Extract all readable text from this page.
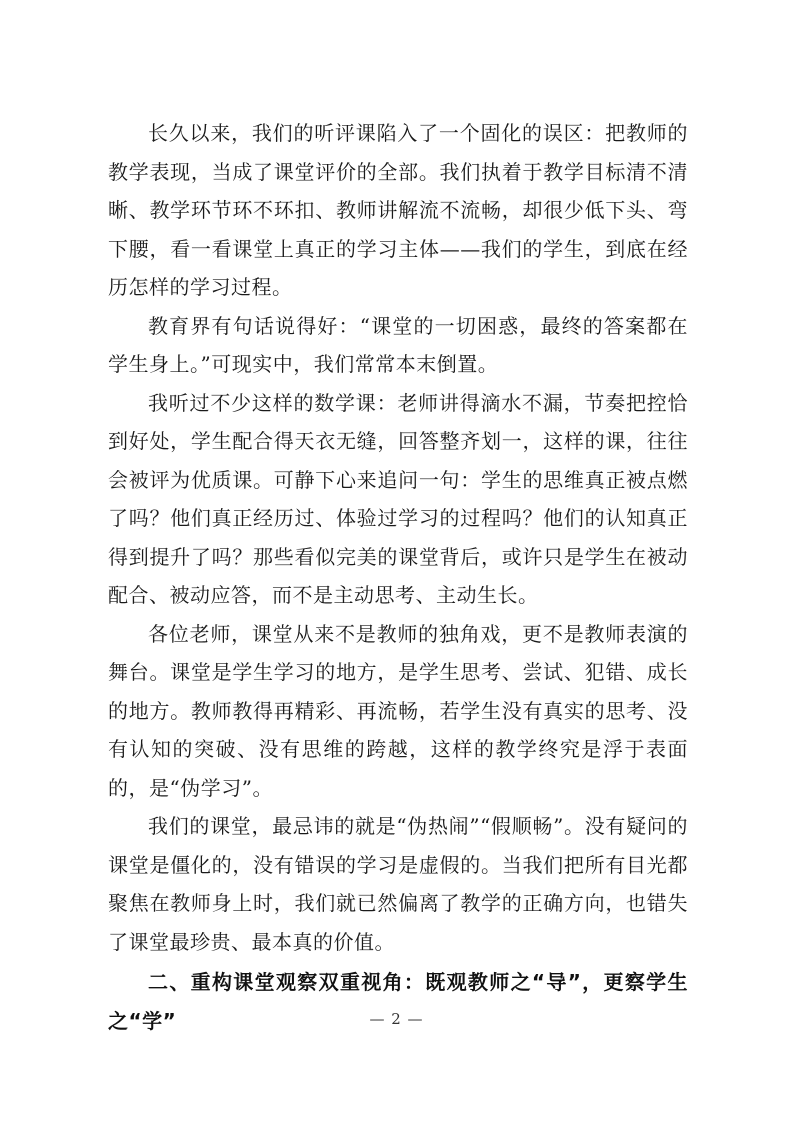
长久以来，我们的听评课陷入了一个固化的误区：把教师的教学表现，当成了课堂评价的全部。我们执着于教学目标清不清晰、教学环节环不环扣、教师讲解流不流畅，却很少低下头、弯下腰，看一看课堂上真正的学习主体——我们的学生，到底在经历怎样的学习过程。

教育界有句话说得好：“课堂的一切困惑，最终的答案都在学生身上。”可现实中，我们常常本末倒置。

我听过不少这样的数学课：老师讲得滴水不漏，节奏把控恰到好处，学生配合得天衣无缝，回答整齐划一，这样的课，往往会被评为优质课。可静下心来追问一句：学生的思维真正被点燃了吗？他们真正经历过、体验过学习的过程吗？他们的认知真正得到提升了吗？那些看似完美的课堂背后，或许只是学生在被动配合、被动应答，而不是主动思考、主动生长。

各位老师，课堂从来不是教师的独角戏，更不是教师表演的舞台。课堂是学生学习的地方，是学生思考、尝试、犯错、成长的地方。教师教得再精彩、再流畅，若学生没有真实的思考、没有认知的突破、没有思维的跨越，这样的教学终究是浮于表面的，是“伪学习”。

我们的课堂，最忌讳的就是“伪热闹”“假顺畅”。没有疑问的课堂是僵化的，没有错误的学习是虚假的。当我们把所有目光都聚焦在教师身上时，我们就已然偏离了教学的正确方向，也错失了课堂最珍贵、最本真的价值。

二、重构课堂观察双重视角：既观教师之“导”，更察学生之“学”	— 2 —
